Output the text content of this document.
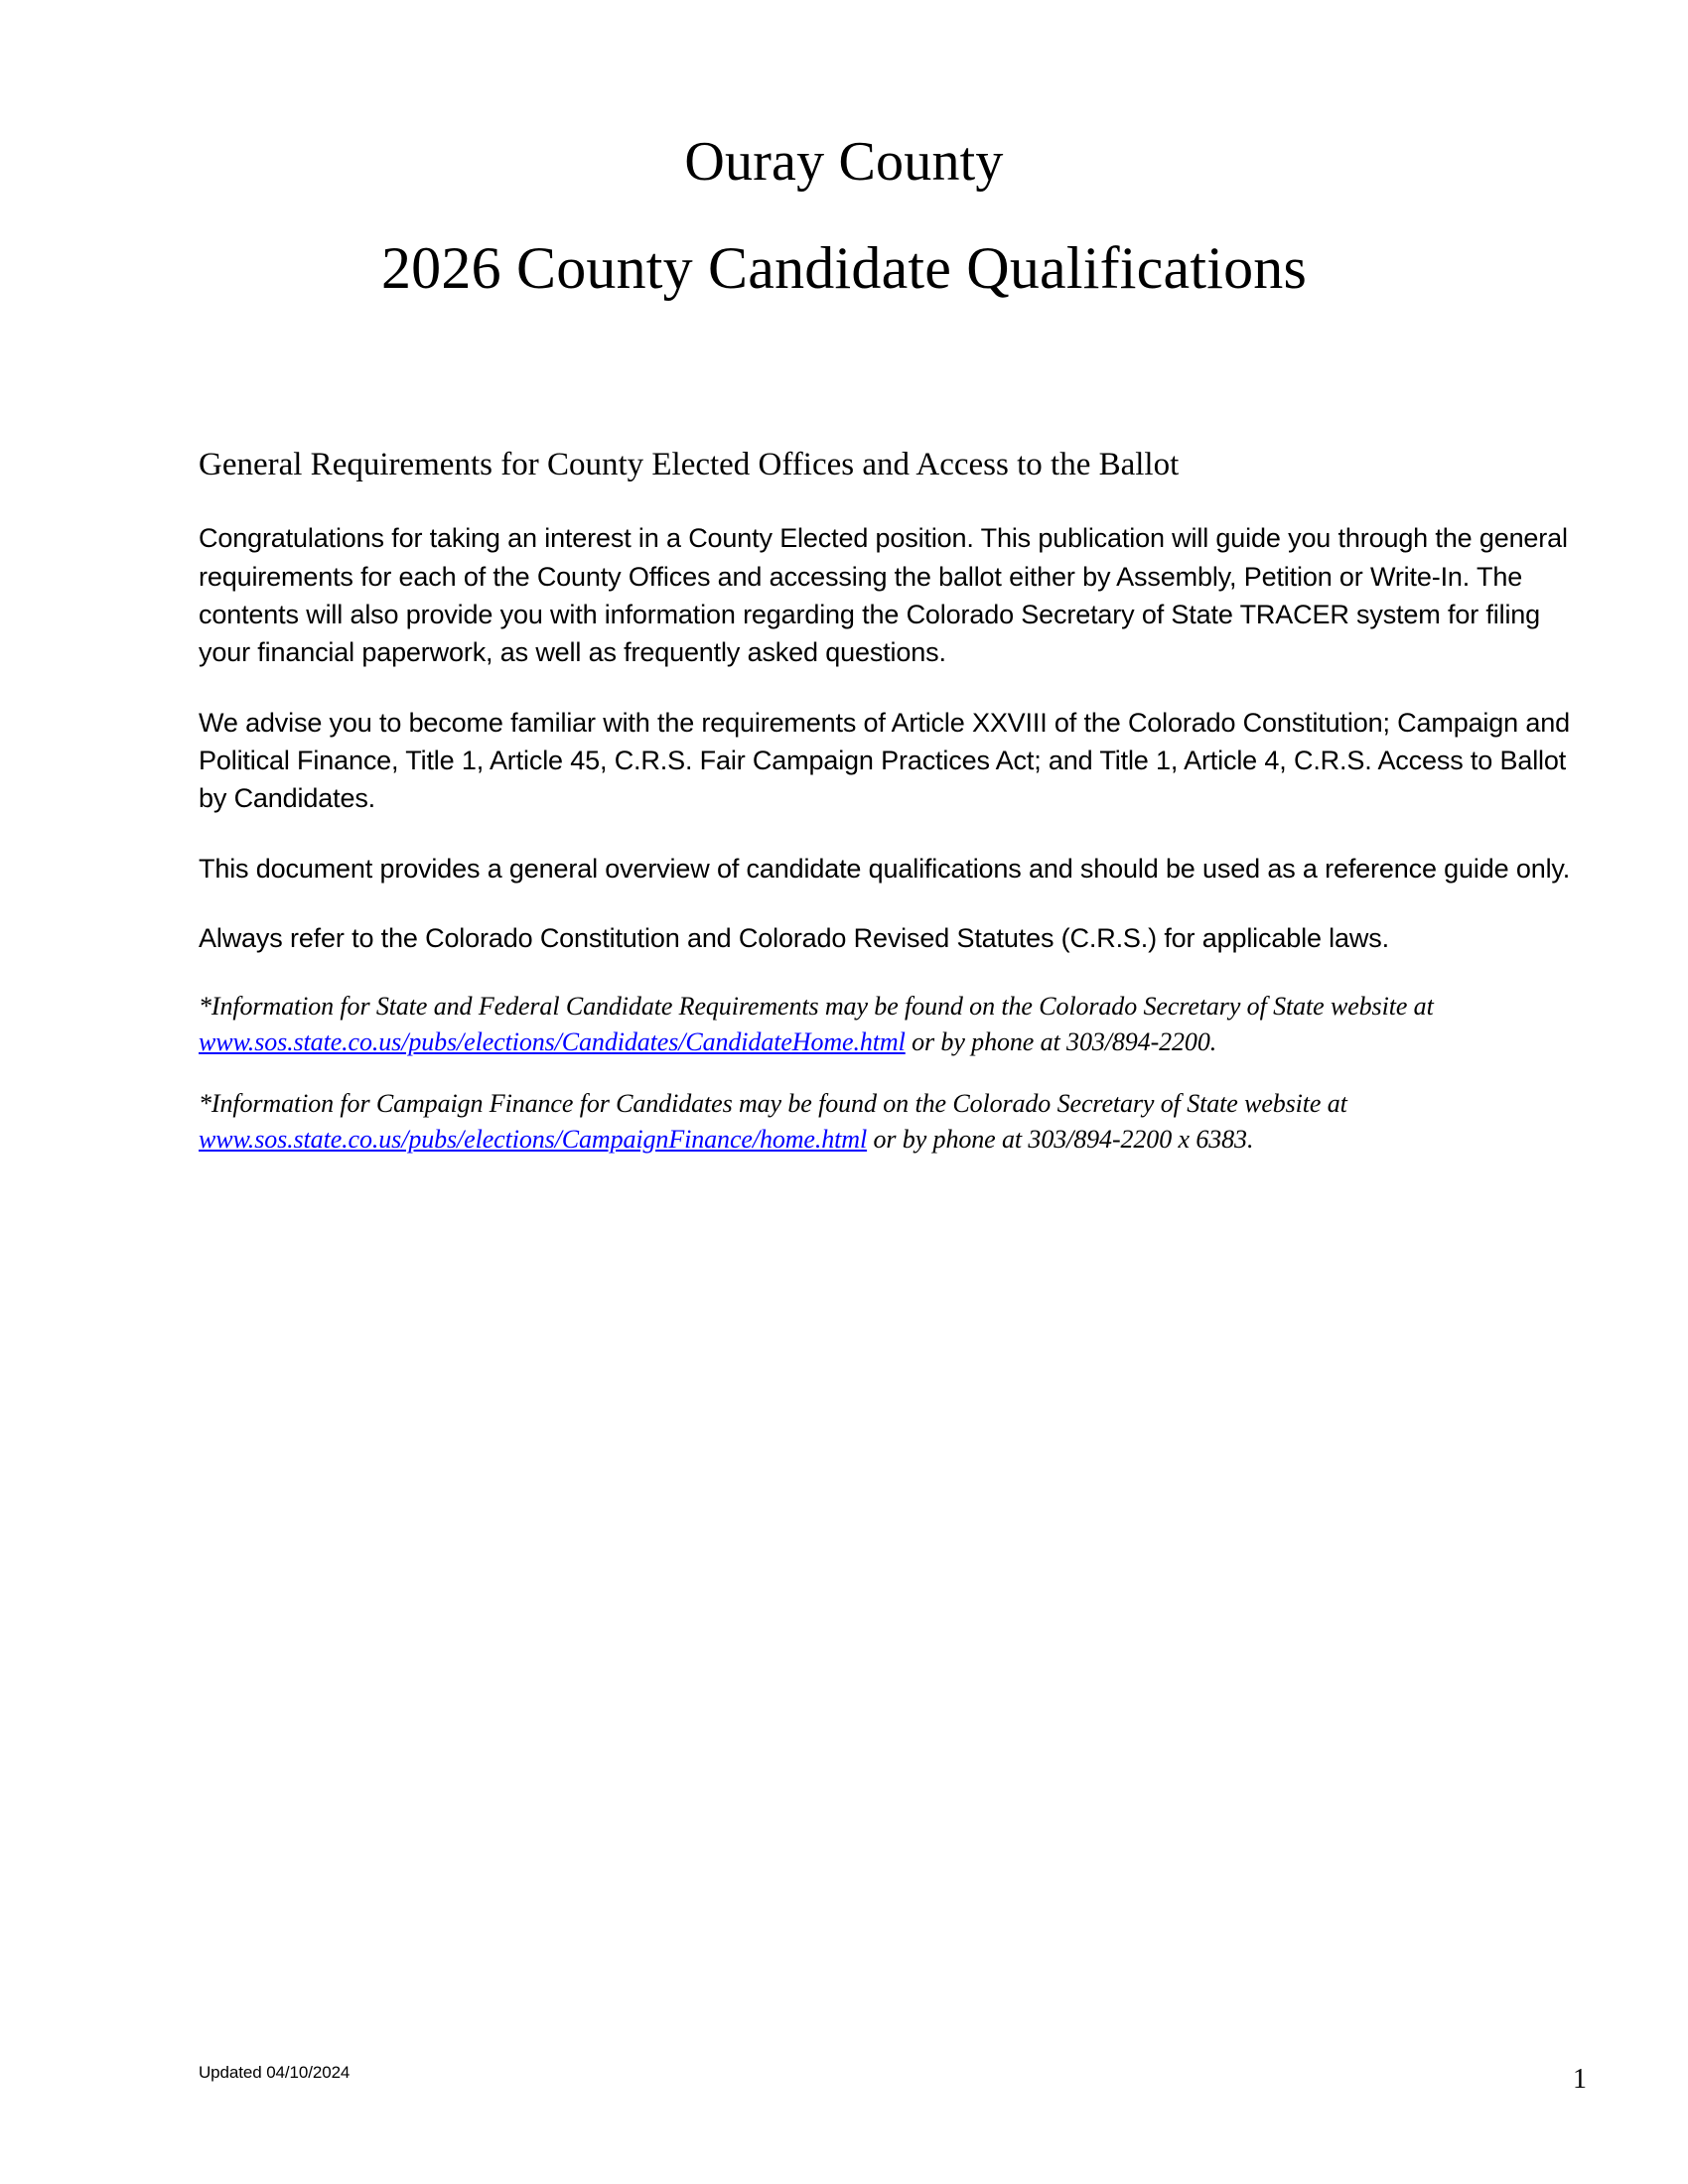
Ouray County
2026 County Candidate Qualifications
General Requirements for County Elected Offices and Access to the Ballot

Congratulations for taking an interest in a County Elected position. This publication will guide you through the general requirements for each of the County Offices and accessing the ballot either by Assembly, Petition or Write-In. The contents will also provide you with information regarding the Colorado Secretary of State TRACER system for filing your financial paperwork, as well as frequently asked questions.

We advise you to become familiar with the requirements of Article XXVIII of the Colorado Constitution; Campaign and Political Finance, Title 1, Article 45, C.R.S. Fair Campaign Practices Act; and Title 1, Article 4, C.R.S. Access to Ballot by Candidates.

This document provides a general overview of candidate qualifications and should be used as a reference guide only.

Always refer to the Colorado Constitution and Colorado Revised Statutes (C.R.S.) for applicable laws.

*Information for State and Federal Candidate Requirements may be found on the Colorado Secretary of State website at www.sos.state.co.us/pubs/elections/Candidates/CandidateHome.html or by phone at 303/894-2200.

*Information for Campaign Finance for Candidates may be found on the Colorado Secretary of State website at www.sos.state.co.us/pubs/elections/CampaignFinance/home.html or by phone at 303/894-2200 x 6383.

Updated 04/10/2024	1
